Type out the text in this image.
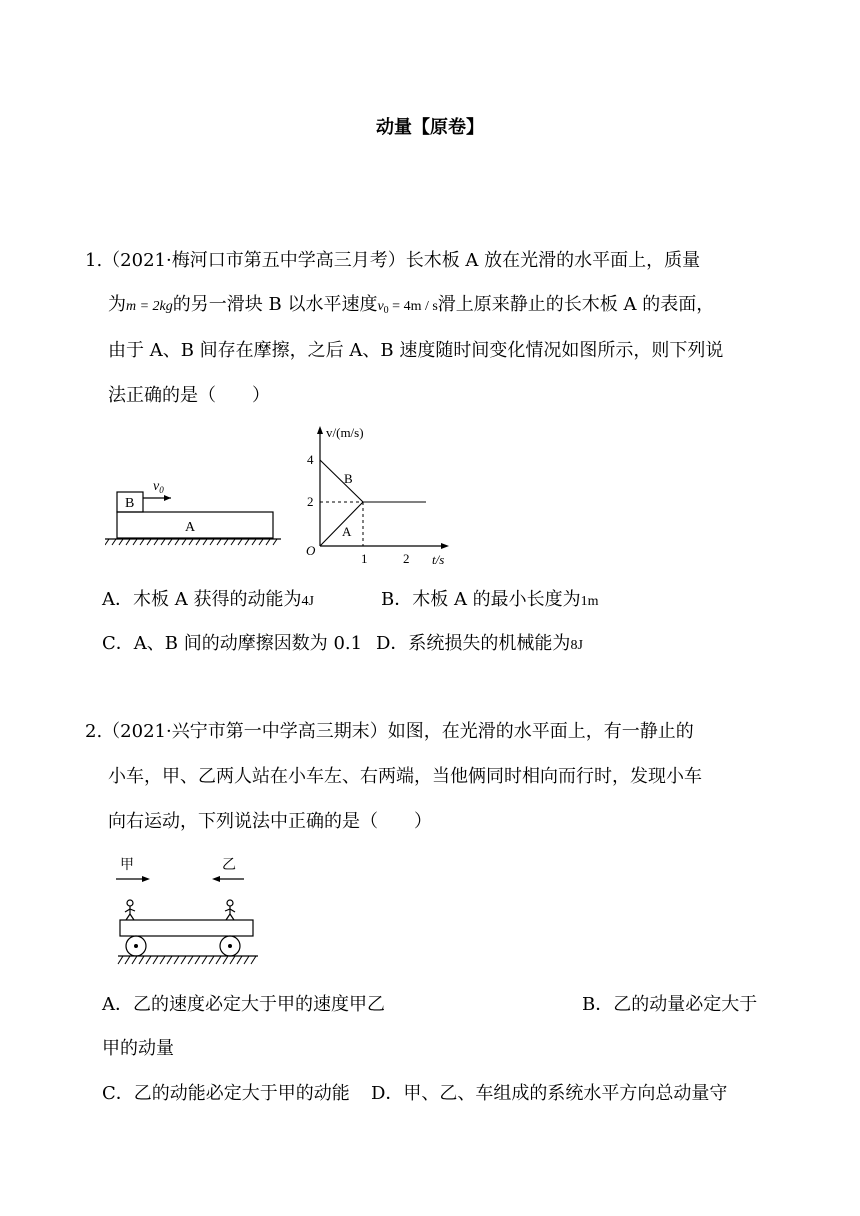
动量【原卷】
1.（2021·梅河口市第五中学高三月考）长木板 A 放在光滑的水平面上，质量
为m = 2kg的另一滑块 B 以水平速度$v_0 = 4m / s$滑上原来静止的长木板 A 的表面，
由于 A、B 间存在摩擦，之后 A、B 速度随时间变化情况如图所示，则下列说
法正确的是（　　）
B
$v_0$
A
v/(m/s)
t/s
O
4
2
1	2
B
A
A．木板 A 获得的动能为4J	B．木板 A 的最小长度为1m
C．A、B 间的动摩擦因数为 0.1 D．系统损失的机械能为8J
2.（2021·兴宁市第一中学高三期末）如图，在光滑的水平面上，有一静止的
小车，甲、乙两人站在小车左、右两端，当他俩同时相向而行时，发现小车
向右运动，下列说法中正确的是（　　）
甲	乙
A．乙的速度必定大于甲的速度甲乙	B．乙的动量必定大于
甲的动量
C．乙的动能必定大于甲的动能 D．甲、乙、车组成的系统水平方向总动量守
